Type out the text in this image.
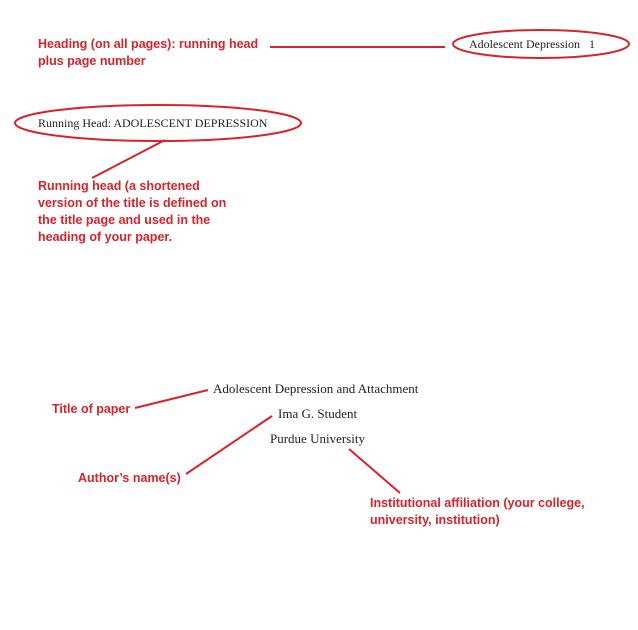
Heading (on all pages): running head
plus page number
Running head (a shortened version of the title is defined on the title page and used in the heading of your paper.
Title of paper
Author’s name(s)
Institutional affiliation (your college,
university, institution)
Adolescent Depression 1
Running Head: ADOLESCENT DEPRESSION
Adolescent Depression and Attachment
Ima G. Student
Purdue University
